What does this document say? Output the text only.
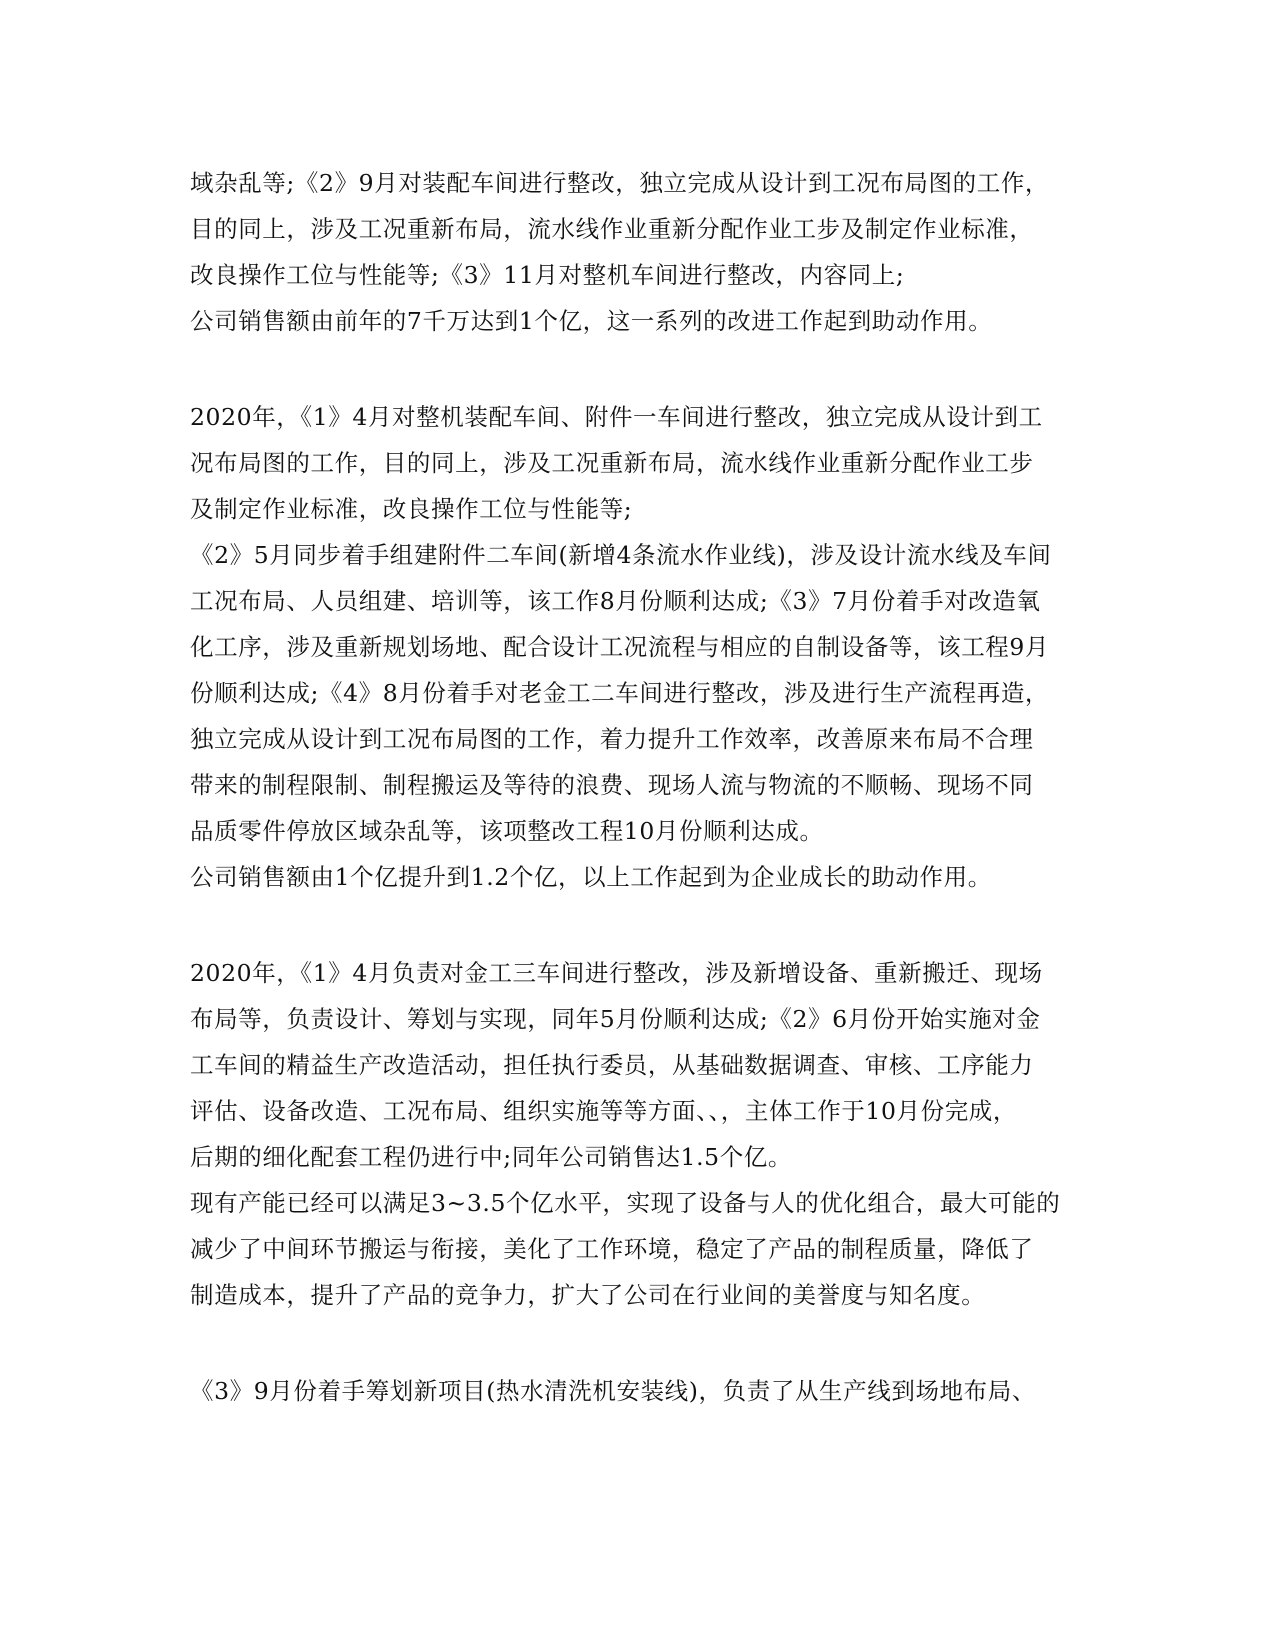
域杂乱等;《2》9月对装配车间进行整改，独立完成从设计到工况布局图的工作，
目的同上，涉及工况重新布局，流水线作业重新分配作业工步及制定作业标准，
改良操作工位与性能等;《3》11月对整机车间进行整改，内容同上;
公司销售额由前年的7千万达到1个亿，这一系列的改进工作起到助动作用。
2020年，《1》4月对整机装配车间、附件一车间进行整改，独立完成从设计到工
况布局图的工作，目的同上，涉及工况重新布局，流水线作业重新分配作业工步
及制定作业标准，改良操作工位与性能等;
《2》5月同步着手组建附件二车间(新增4条流水作业线)，涉及设计流水线及车间
工况布局、人员组建、培训等，该工作8月份顺利达成;《3》7月份着手对改造氧
化工序，涉及重新规划场地、配合设计工况流程与相应的自制设备等，该工程9月
份顺利达成;《4》8月份着手对老金工二车间进行整改，涉及进行生产流程再造，
独立完成从设计到工况布局图的工作，着力提升工作效率，改善原来布局不合理
带来的制程限制、制程搬运及等待的浪费、现场人流与物流的不顺畅、现场不同
品质零件停放区域杂乱等，该项整改工程10月份顺利达成。
公司销售额由1个亿提升到1.2个亿，以上工作起到为企业成长的助动作用。
2020年，《1》4月负责对金工三车间进行整改，涉及新增设备、重新搬迁、现场
布局等，负责设计、筹划与实现，同年5月份顺利达成;《2》6月份开始实施对金
工车间的精益生产改造活动，担任执行委员，从基础数据调查、审核、工序能力
评估、设备改造、工况布局、组织实施等等方面、、，主体工作于10月份完成，
后期的细化配套工程仍进行中;同年公司销售达1.5个亿。
现有产能已经可以满足3~3.5个亿水平，实现了设备与人的优化组合，最大可能的
减少了中间环节搬运与衔接，美化了工作环境，稳定了产品的制程质量，降低了
制造成本，提升了产品的竞争力，扩大了公司在行业间的美誉度与知名度。
《3》9月份着手筹划新项目(热水清洗机安装线)，负责了从生产线到场地布局、
